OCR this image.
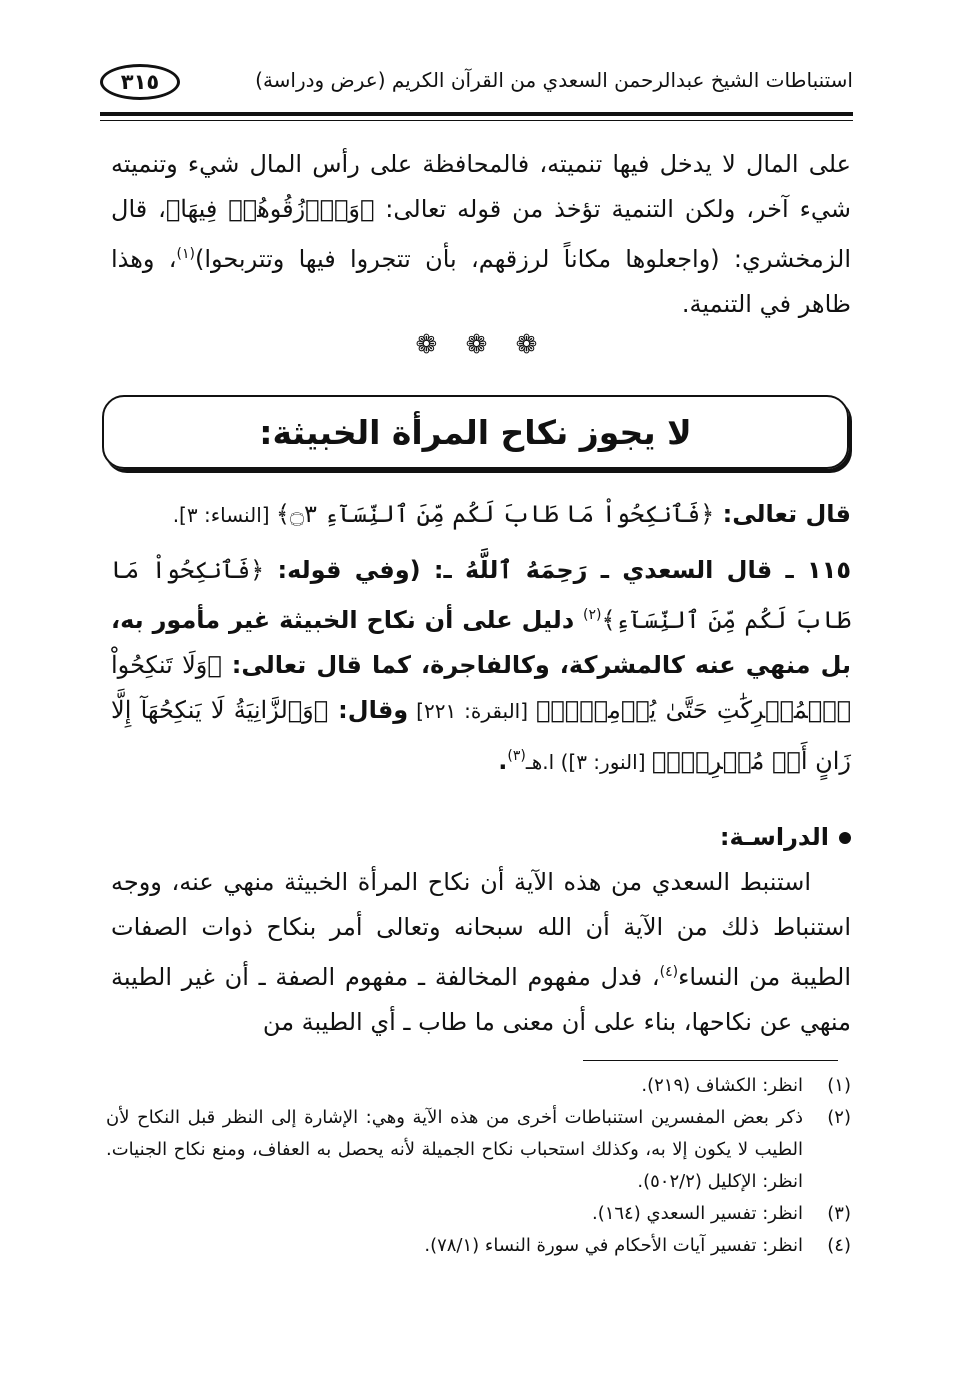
استنباطات الشيخ عبدالرحمن السعدي من القرآن الكريم (عرض ودراسة)
٣١٥

على المال لا يدخل فيها تنميته، فالمحافظة على رأس المال شيء وتنميته شيء آخر، ولكن التنمية تؤخذ من قوله تعالى: ﴿وَٱرۡزُقُوهُمۡ فِيهَا﴾، قال الزمخشري: (واجعلوها مكاناً لرزقهم، بأن تتجروا فيها وتتربحوا)$^{(١)}$، وهذا ظاهر في التنمية.

❁ ❁ ❁
لا يجوز نكاح المرأة الخبيثة:

قال تعالى: ﴿فَٱنكِحُواْ مَا طَابَ لَكُم مِّنَ ٱلنِّسَآءِ ۝٣﴾ [النساء: ٣].

١١٥ ـ قال السعدي ـ رَحِمَهُ ٱللَّهُ ـ: (وفي قوله: ﴿فَٱنكِحُواْ مَا طَابَ لَكُم مِّنَ ٱلنِّسَآءِ﴾$^{(٢)}$ دليل على أن نكاح الخبيثة غير مأمور به، بل منهي عنه كالمشركة، وكالفاجرة، كما قال تعالى: ﴿وَلَا تَنكِحُواْ ٱلۡمُشۡرِكَٰتِ حَتَّىٰ يُؤۡمِنَّۚ﴾ [البقرة: ٢٢١] وقال: ﴿وَٱلزَّانِيَةُ لَا يَنكِحُهَآ إِلَّا زَانٍ أَوۡ مُشۡرِكٞۚ﴾ [النور: ٣]) ا.هـ$^{(٣)}$.

الدراسـة:

استنبط السعدي من هذه الآية أن نكاح المرأة الخبيثة منهي عنه، ووجه استنباط ذلك من الآية أن الله سبحانه وتعالى أمر بنكاح ذوات الصفات الطيبة من النساء$^{(٤)}$، فدل مفهوم المخالفة ـ مفهوم الصفة ـ أن غير الطيبة منهي عن نكاحها، بناء على أن معنى ما طاب ـ أي الطيبة من

(١)
انظر: الكشاف (٢١٩).

(٢)
ذكر بعض المفسرين استنباطات أخرى من هذه الآية وهي: الإشارة إلى النظر قبل النكاح لأن الطيب لا يكون إلا به، وكذلك استحباب نكاح الجميلة لأنه يحصل به العفاف، ومنع نكاح الجنيات. انظر: الإكليل (٥٠٢/٢).

(٣)
انظر: تفسير السعدي (١٦٤).

(٤)
انظر: تفسير آيات الأحكام في سورة النساء (٧٨/١).
